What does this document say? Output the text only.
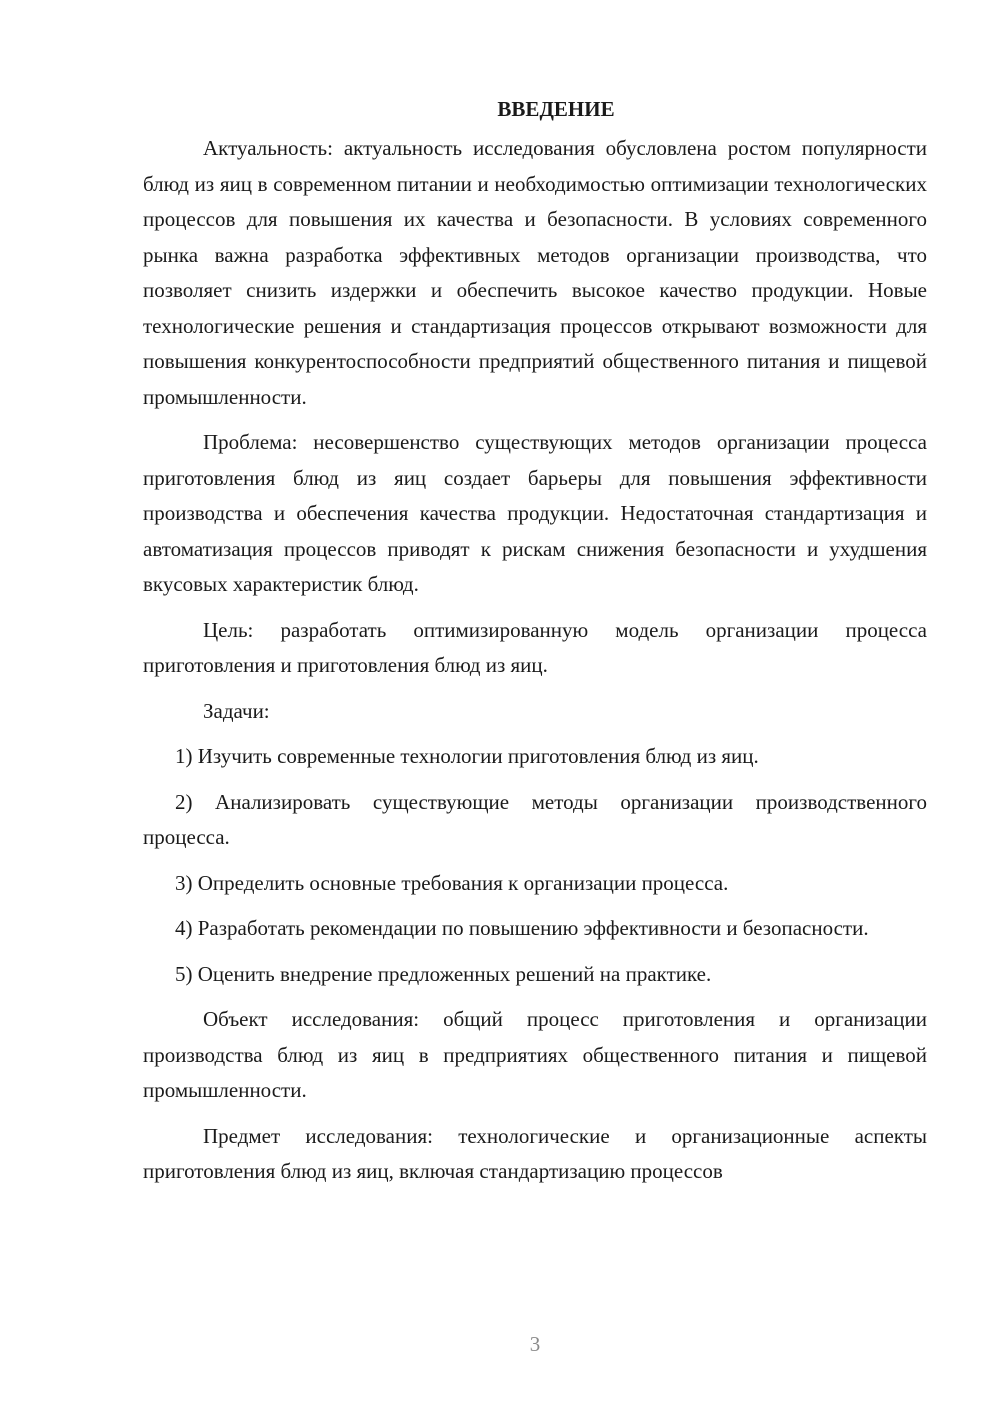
ВВЕДЕНИЕ

Актуальность: актуальность исследования обусловлена ростом популярности блюд из яиц в современном питании и необходимостью оптимизации технологических процессов для повышения их качества и безопасности. В условиях современного рынка важна разработка эффективных методов организации производства, что позволяет снизить издержки и обеспечить высокое качество продукции. Новые технологические решения и стандартизация процессов открывают возможности для повышения конкурентоспособности предприятий общественного питания и пищевой промышленности.

Проблема: несовершенство существующих методов организации процесса приготовления блюд из яиц создает барьеры для повышения эффективности производства и обеспечения качества продукции. Недостаточная стандартизация и автоматизация процессов приводят к рискам снижения безопасности и ухудшения вкусовых характеристик блюд.

Цель: разработать оптимизированную модель организации процесса приготовления и приготовления блюд из яиц.

Задачи:

1) Изучить современные технологии приготовления блюд из яиц.

2) Анализировать существующие методы организации производственного процесса.

3) Определить основные требования к организации процесса.

4) Разработать рекомендации по повышению эффективности и безопасности.

5) Оценить внедрение предложенных решений на практике.

Объект исследования: общий процесс приготовления и организации производства блюд из яиц в предприятиях общественного питания и пищевой промышленности.

Предмет исследования: технологические и организационные аспекты приготовления блюд из яиц, включая стандартизацию процессов

3
